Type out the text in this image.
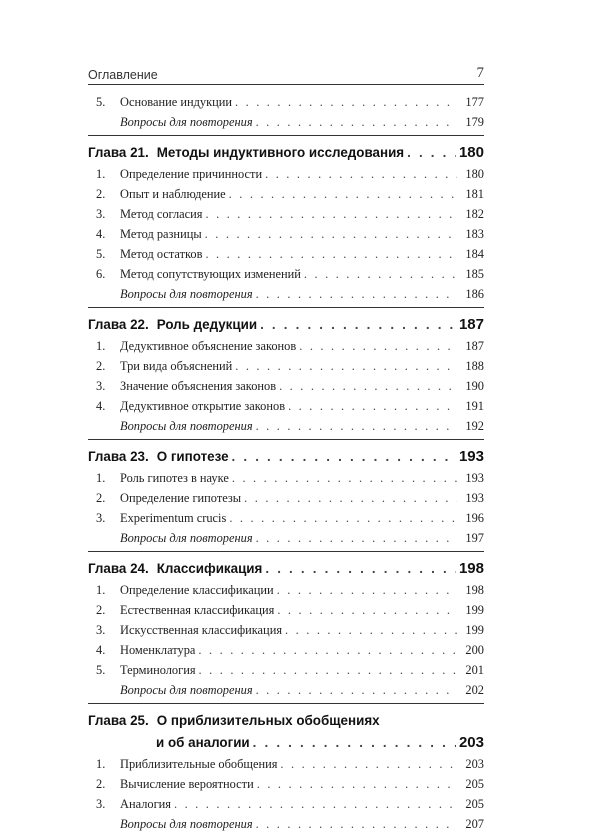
Оглавление	7
5.	Основание индукции . . .	177
Вопросы для повторения . . .	179
Глава 21. Методы индуктивного исследования . . .	180
1.	Определение причинности . . .	180
2.	Опыт и наблюдение . . .	181
3.	Метод согласия . . .	182
4.	Метод разницы . . .	183
5.	Метод остатков . . .	184
6.	Метод сопутствующих изменений . . .	185
Вопросы для повторения . . .	186
Глава 22. Роль дедукции . . .	187
1.	Дедуктивное объяснение законов . . .	187
2.	Три вида объяснений . . .	188
3.	Значение объяснения законов . . .	190
4.	Дедуктивное открытие законов . . .	191
Вопросы для повторения . . .	192
Глава 23. О гипотезе . . .	193
1.	Роль гипотез в науке . . .	193
2.	Определение гипотезы . . .	193
3.	Experimentum crucis . . .	196
Вопросы для повторения . . .	197
Глава 24. Классификация . . .	198
1.	Определение классификации . . .	198
2.	Естественная классификация . . .	199
3.	Искусственная классификация . . .	199
4.	Номенклатура . . .	200
5.	Терминология . . .	201
Вопросы для повторения . . .	202
Глава 25. О приблизительных обобщениях
и об аналогии . . .	203
1.	Приблизительные обобщения . . .	203
2.	Вычисление вероятности . . .	205
3.	Аналогия . . .	205
Вопросы для повторения . . .	207
